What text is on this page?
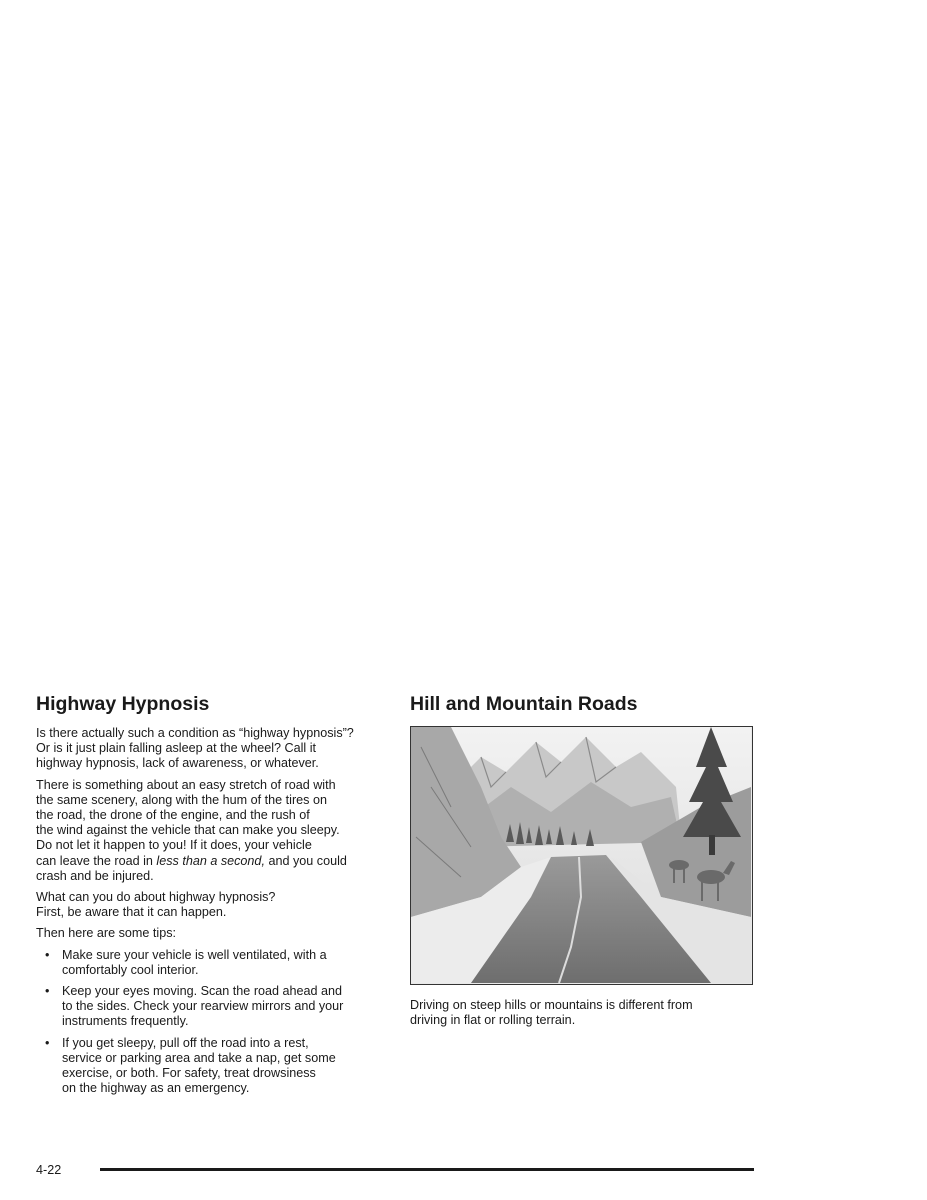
Highway Hypnosis

Is there actually such a condition as “highway hypnosis”?
Or is it just plain falling asleep at the wheel? Call it
highway hypnosis, lack of awareness, or whatever.

There is something about an easy stretch of road with
the same scenery, along with the hum of the tires on
the road, the drone of the engine, and the rush of
the wind against the vehicle that can make you sleepy.
Do not let it happen to you! If it does, your vehicle
can leave the road in less than a second, and you could
crash and be injured.

What can you do about highway hypnosis?
First, be aware that it can happen.

Then here are some tips:

• Make sure your vehicle is well ventilated, with a
comfortably cool interior.
• Keep your eyes moving. Scan the road ahead and
to the sides. Check your rearview mirrors and your
instruments frequently.
• If you get sleepy, pull off the road into a rest,
service or parking area and take a nap, get some
exercise, or both. For safety, treat drowsiness
on the highway as an emergency.
Hill and Mountain Roads

Driving on steep hills or mountains is different from
driving in flat or rolling terrain.

4-22
